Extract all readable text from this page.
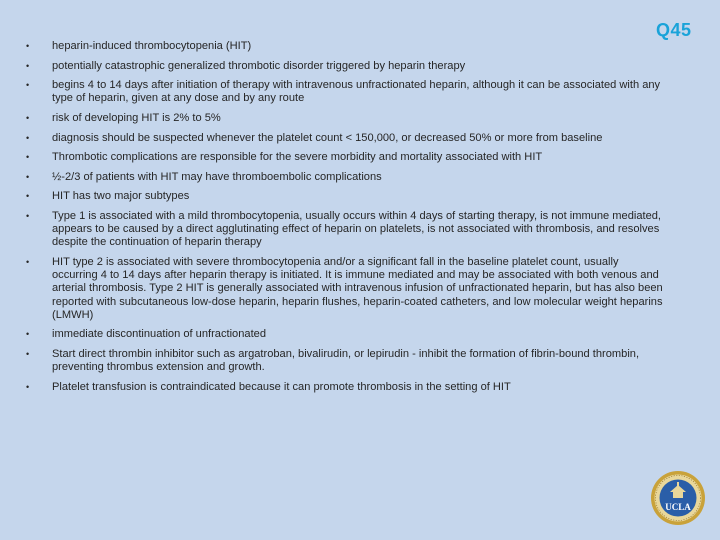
Q45
• heparin-induced thrombocytopenia (HIT)
• potentially catastrophic generalized thrombotic disorder triggered by heparin therapy
• begins 4 to 14 days after initiation of therapy with intravenous unfractionated heparin, although it can be associated with any type of heparin, given at any dose and by any route
• risk of developing HIT is 2% to 5%
• diagnosis should be suspected whenever the platelet count < 150,000, or decreased 50% or more from baseline
• Thrombotic complications are responsible for the severe morbidity and mortality associated with HIT
• ½-2/3 of patients with HIT may have thromboembolic complications
• HIT has two major subtypes
• Type 1 is associated with a mild thrombocytopenia, usually occurs within 4 days of starting therapy, is not immune mediated, appears to be caused by a direct agglutinating effect of heparin on platelets, is not associated with thrombosis, and resolves despite the continuation of heparin therapy
• HIT type 2 is associated with severe thrombocytopenia and/or a significant fall in the baseline platelet count, usually occurring 4 to 14 days after heparin therapy is initiated. It is immune mediated and may be associated with both venous and arterial thrombosis. Type 2 HIT is generally associated with intravenous infusion of unfractionated heparin, but has also been reported with subcutaneous low-dose heparin, heparin flushes, heparin-coated catheters, and low molecular weight heparins (LMWH)
• immediate discontinuation of unfractionated
• Start direct thrombin inhibitor such as argatroban, bivalirudin, or lepirudin - inhibit the formation of fibrin-bound thrombin, preventing thrombus extension and growth.
• Platelet transfusion is contraindicated because it can promote thrombosis in the setting of HIT
UCLA
